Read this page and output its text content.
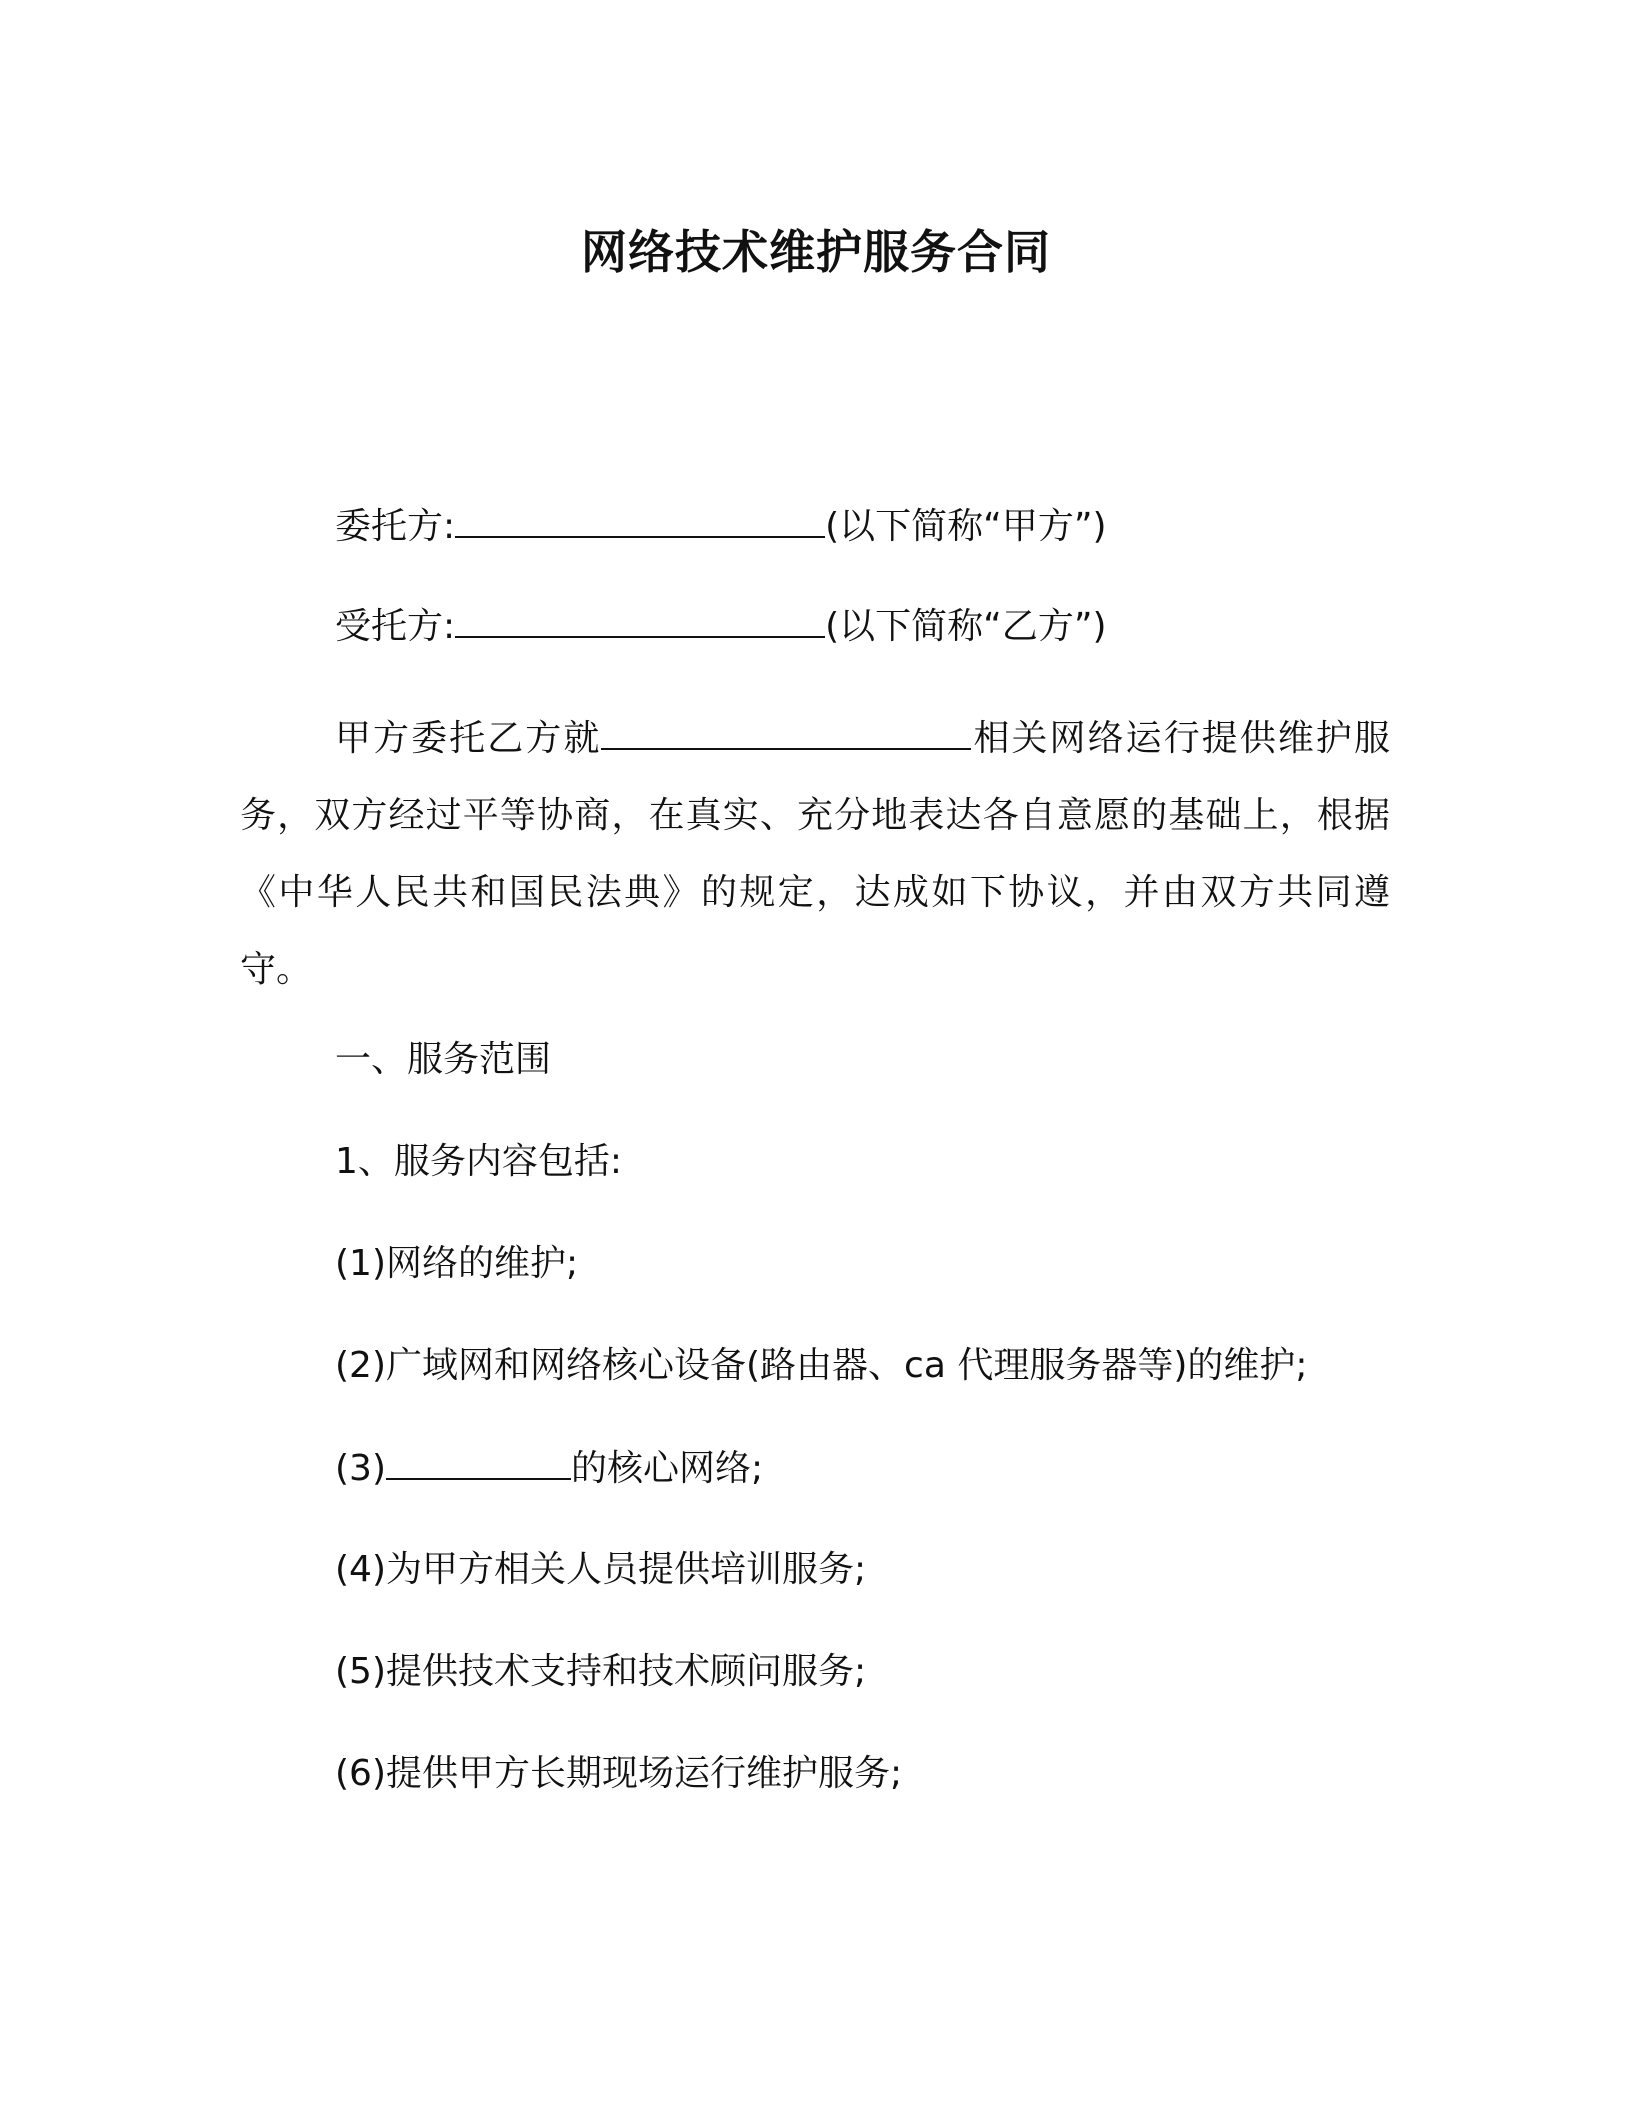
网络技术维护服务合同
委托方:	(以下简称“甲方”)
受托方:	(以下简称“乙方”)
甲方委托乙方就	相关网络运行提供维护服务，双方经过平等协商，在真实、充分地表达各自意愿的基础上，根据《中华人民共和国民法典》的规定，达成如下协议，并由双方共同遵守。
一、服务范围
1、服务内容包括:
(1)网络的维护;
(2)广域网和网络核心设备(路由器、ca 代理服务器等)的维护;
(3)	的核心网络;
(4)为甲方相关人员提供培训服务;
(5)提供技术支持和技术顾问服务;
(6)提供甲方长期现场运行维护服务;
